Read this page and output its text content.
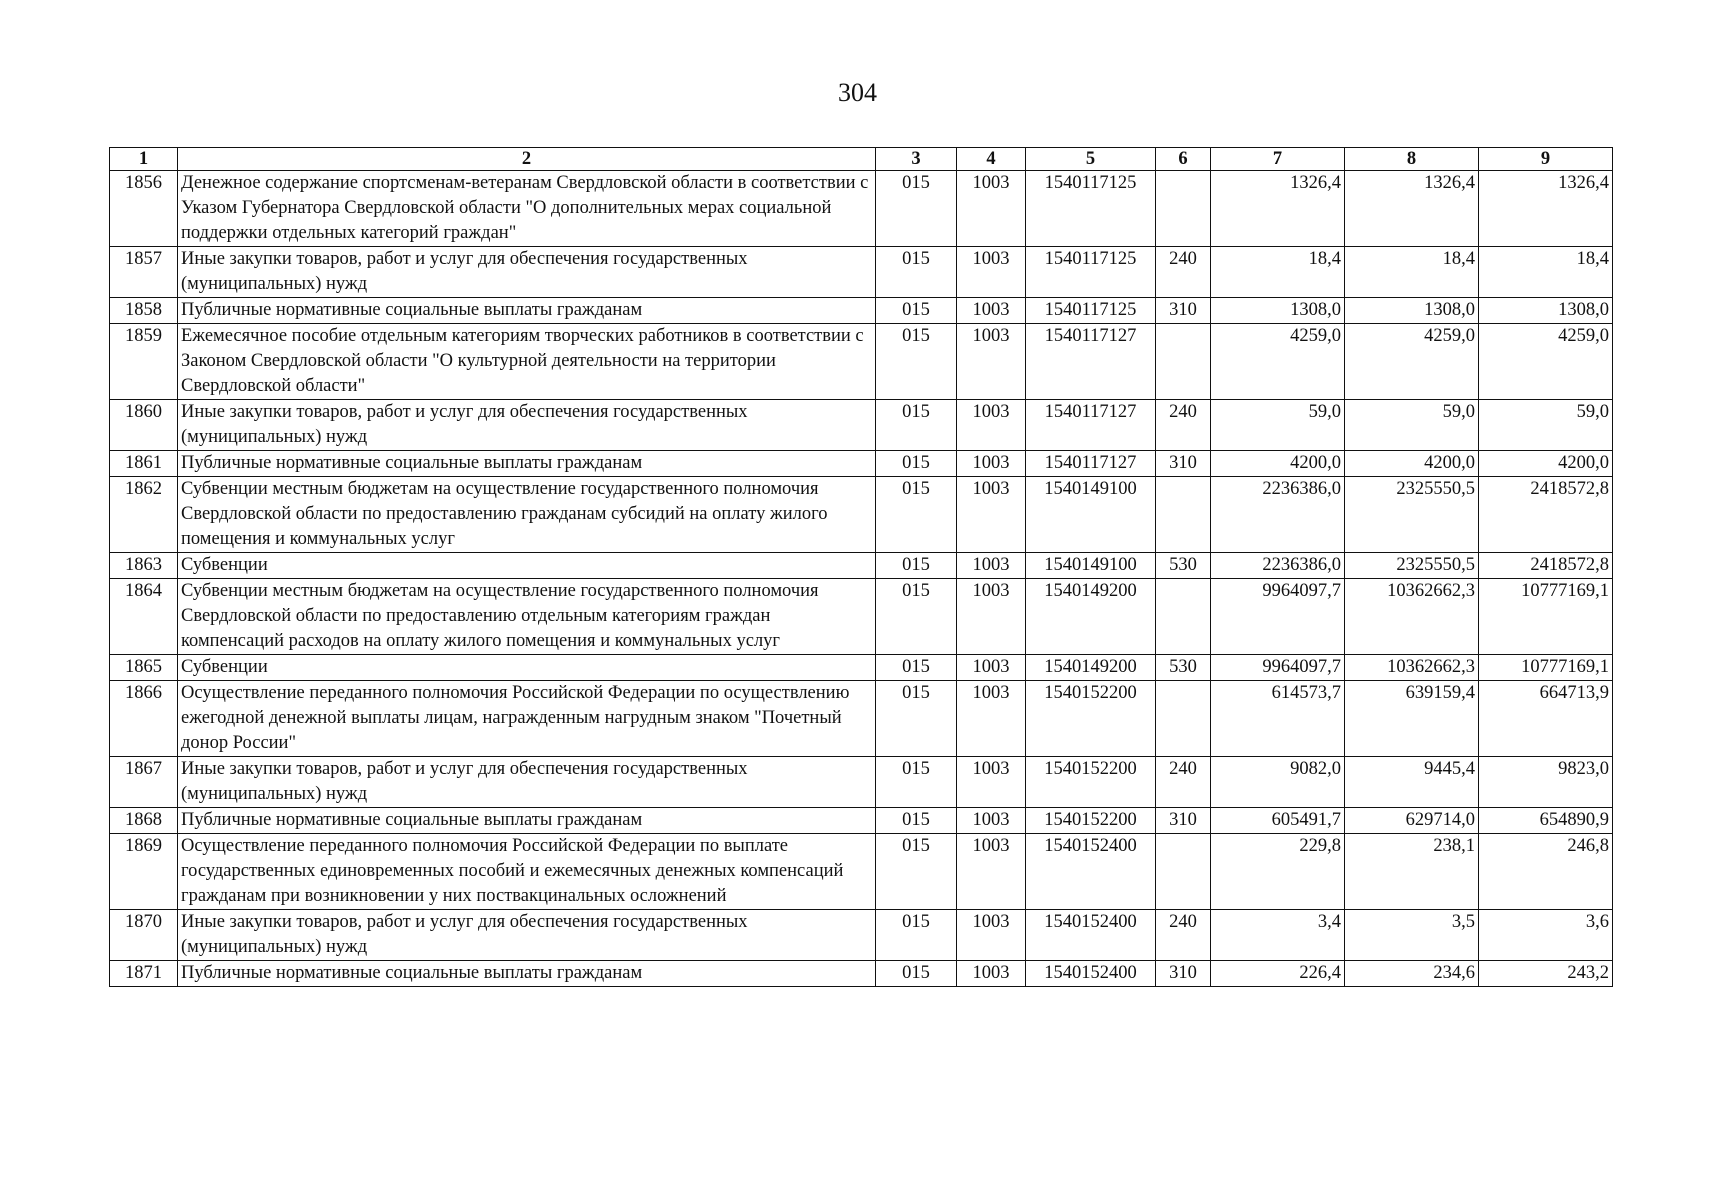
304
1	2	3	4	5	6	7	8	9
1856	Денежное содержание спортсменам-ветеранам Свердловской области в соответствии с Указом Губернатора Свердловской области "О дополнительных мерах социальной поддержки отдельных категорий граждан"	015	1003	1540117125		1326,4	1326,4	1326,4
1857	Иные закупки товаров, работ и услуг для обеспечения государственных (муниципальных) нужд	015	1003	1540117125	240	18,4	18,4	18,4
1858	Публичные нормативные социальные выплаты гражданам	015	1003	1540117125	310	1308,0	1308,0	1308,0
1859	Ежемесячное пособие отдельным категориям творческих работников в соответствии с Законом Свердловской области "О культурной деятельности на территории Свердловской области"	015	1003	1540117127		4259,0	4259,0	4259,0
1860	Иные закупки товаров, работ и услуг для обеспечения государственных (муниципальных) нужд	015	1003	1540117127	240	59,0	59,0	59,0
1861	Публичные нормативные социальные выплаты гражданам	015	1003	1540117127	310	4200,0	4200,0	4200,0
1862	Субвенции местным бюджетам на осуществление государственного полномочия Свердловской области по предоставлению гражданам субсидий на оплату жилого помещения и коммунальных услуг	015	1003	1540149100		2236386,0	2325550,5	2418572,8
1863	Субвенции	015	1003	1540149100	530	2236386,0	2325550,5	2418572,8
1864	Субвенции местным бюджетам на осуществление государственного полномочия Свердловской области по предоставлению отдельным категориям граждан компенсаций расходов на оплату жилого помещения и коммунальных услуг	015	1003	1540149200		9964097,7	10362662,3	10777169,1
1865	Субвенции	015	1003	1540149200	530	9964097,7	10362662,3	10777169,1
1866	Осуществление переданного полномочия Российской Федерации по осуществлению ежегодной денежной выплаты лицам, награжденным нагрудным знаком "Почетный донор России"	015	1003	1540152200		614573,7	639159,4	664713,9
1867	Иные закупки товаров, работ и услуг для обеспечения государственных (муниципальных) нужд	015	1003	1540152200	240	9082,0	9445,4	9823,0
1868	Публичные нормативные социальные выплаты гражданам	015	1003	1540152200	310	605491,7	629714,0	654890,9
1869	Осуществление переданного полномочия Российской Федерации по выплате государственных единовременных пособий и ежемесячных денежных компенсаций гражданам при возникновении у них поствакцинальных осложнений	015	1003	1540152400		229,8	238,1	246,8
1870	Иные закупки товаров, работ и услуг для обеспечения государственных (муниципальных) нужд	015	1003	1540152400	240	3,4	3,5	3,6
1871	Публичные нормативные социальные выплаты гражданам	015	1003	1540152400	310	226,4	234,6	243,2
